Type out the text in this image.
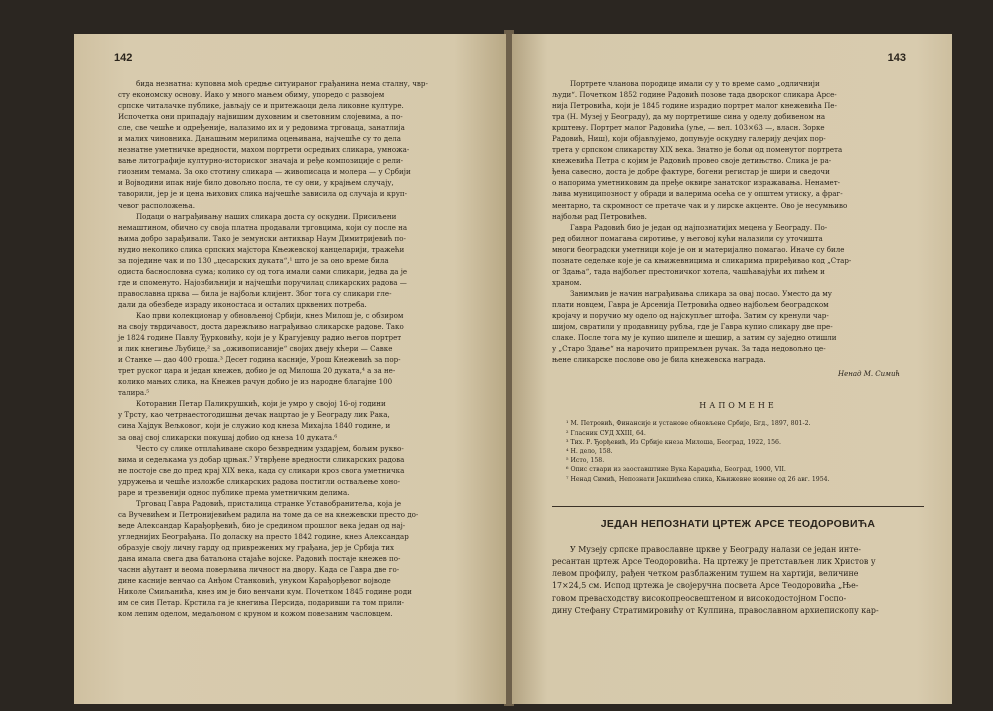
142

бида незнатна: куповна моћ средње ситуираног грађанина нема сталну, чвр-
сту економску основу. Иако у много мањем обиму, упоредо с развојем
српске читалачке публике, јављају се и притежаоци дела ликовне културе.
Испочетка они припадају највишим духовним и световним слојевима, а по-
сле, све чешће и одређеније, налазимо их и у редовима трговаца, занатлија
и малих чиновника. Данашњим мерилима оцењивана, најчешће су то дела
незнатне уметничке вредности, махом портрети осредњих сликара, умножа-
вање литографије културно-историског значаја и ређе композиције с рели-
гиозним темама. За око стотину сликара — живописаца и молера — у Србији
и Војводини ипак није било довољно посла, те су они, у крајњем случају,
таворили, јер је и цена њихових слика најчешће зависила од случаја и круп-
чевог расположења.

Подаци о награђивању наших сликара доста су оскудни. Присиљени
немаштином, обично су своја платна продавали трговцима, који су после на
њима добро зарађивали. Тако је земунски антиквар Наум Димитријевић по-
нудио неколико слика српских мајстора Књежевској канцеларији, тражећи
за поједине чак и по 130 „цесарских дуката“,¹ што је за оно време била
одиста баснословна сума; колико су од тога имали сами сликари, једва да је
где и споменуто. Најозбиљнији и најчешћи поручилац сликарских радова —
православна црква — била је најбољи клијент. Због тога су сликари гле-
дали да обезбеде израду иконостаса и осталих црквених потреба.

Као први колекционар у обновљеној Србији, кнез Милош је, с обзиром
на своју тврдичавост, доста дарежљиво награђивао сликарске радове. Тако
је 1824 године Павлу Ђурковићу, који је у Крагујевцу радио његов портрет
и лик кнегиње Љубице,² за „оживописаније“ својих двеју кћери — Савке
и Станке — дао 400 гроша.³ Десет година касније, Урош Кнежевић за пор-
трет руског цара и један кнежев, добио је од Милоша 20 дуката,⁴ а за не-
колико мањих слика, на Кнежев рачун добио је из народне благајне 100
талира.⁵

Которанин Петар Паликрушкић, који је умро у својој 16-ој години
у Трсту, као четрнаестогодишњи дечак нацртао је у Београду лик Рака,
сина Хајдук Вељковог, који је служио код кнеза Михајла 1840 године, и
за овај свој сликарски покушај добио од кнеза 10 дуката.⁶

Често су слике отплаћиване скоро безвредним уздарјем, бољим рукво-
вима и седељкама уз добар црњак.⁷ Утврђене вредности сликарских радова
не постоје све до пред крај XIX века, када су сликари кроз свога уметничка
удружења и чешће изложбе сликарских радова постигли остваљење хоно-
раре и трезвенији однос публике према уметничким делима.

Трговац Гавра Радовић, присталица странке Уставобранитеља, која је
са Вучевићем и Петронијевићем радила на томе да се на кнежевски престо до-
веде Александар Карађорђевић, био је средином прошлог века један од нај-
угледнијих Београђана. По доласку на престо 1842 године, кнез Александар
образује своју личну гарду од приврежених му грађана, јер је Србија тих
дана имала свега два батаљона стајаће војске. Радовић постаје кнежев по-
часнн ађутант и веома поверљива личност на двору. Када се Гавра две го-
дине касније венчао са Анђом Станковић, унуком Карађорђевог војводе
Николе Смиљанића, кнез им је био венчани кум. Почетком 1845 године роди
им се син Петар. Крстила га је кнегиња Персида, подаривши га том прили-
ком лепим оделом, медаљоном с круном и кожом повезаним часловцем.

143

Портрете чланова породице имали су у то време само „одличнији
људи“. Почетком 1852 године Радовић позове тада дворског сликара Арсе-
нија Петровића, који је 1845 године израдио портрет малог кнежевића Пе-
тра (Н. Музеј у Београду), да му портретише сина у оделу добивеном на
крштењу. Портрет малог Радовића (уље, — вел. 103×63 —, власн. Зорке
Радовић, Ниш), који објављујемо, допуњује оскудну галерију дечјих пор-
трета у српском сликарству XIX века. Знатно је бољи од поменутог портрета
кнежевића Петра с којим је Радовић провео своје детињство. Слика је ра-
ђена савесно, доста је добре фактуре, богени регистар је шири и сведочи
о напорима уметниковим да пређе оквире занатског изражавања. Ненамет-
љива муниципозност у обради и валерима осећа се у општем утиску, а фраг-
ментарно, та скромност се претаче чак и у лирске акценте. Ово је несумњиво
најбољи рад Петровићев.

Гавра Радовић био је један од најпознатијих мецена у Београду. По-
ред обилног помагања сиротиње, у његовој кући налазили су уточишта
многи београдски уметници које је он и материјално помагао. Иначе су биле
познате седељке које је са књижевницима и сликарима приређивао код „Стар-
ог Здања“, тада најбољег престоничког хотела, чашћавајући их пићем и
храном.

Занимљив је начин награђивања сликара за овај посао. Уместо да му
плати новцем, Гавра је Арсенија Петровића одвео најбољем београдском
кројачу и поручио му одело од најскупљег штофа. Затим су кренули чар-
шијом, свратили у продавницу рубља, где је Гавра купио сликару две пре-
слаке. После тога му је купио шипеле и шешир, а затим су заједно отишли
у „Старо Здање“ на нарочито припремљен ручак. За тада недовољно це-
њене сликарске послове ово је била кнежевска награда.

Ненад М. Симић
НАПОМЕНЕ
¹ М. Петровић, Финансије и установе обновљене Србије, Бгд., 1897, 801-2.
² Гласник СУД XXIII, 64.
³ Тих. Р. Ђорђевић, Из Србије кнеза Милоша, Београд, 1922, 156.
⁴ Н. дело, 158.
⁵ Исто, 158.
⁶ Опис ствари из заоставштине Вука Караџића, Београд, 1900, VII.
⁷ Ненад Симић, Непознати Јакшићева слика, Књижевне новине од 26 авг. 1954.
ЈЕДАН НЕПОЗНАТИ ЦРТЕЖ АРСЕ ТЕОДОРОВИЋА

У Музеју српске православне цркве у Београду налази се један инте-
ресантан цртеж Арсе Теодоровића. На цртежу је претстављен лик Христов у
левом профилу, рађен четком разблаженим тушем на хартији, величине
17×24,5 см. Испод цртежа је својеручна посвета Арсе Теодоровића „Ње-
говом превасходству високопреосвештеном и високодостојном Госпо-
дину Стефану Стратимировићу от Кулпина, православном архиепископу кар-
